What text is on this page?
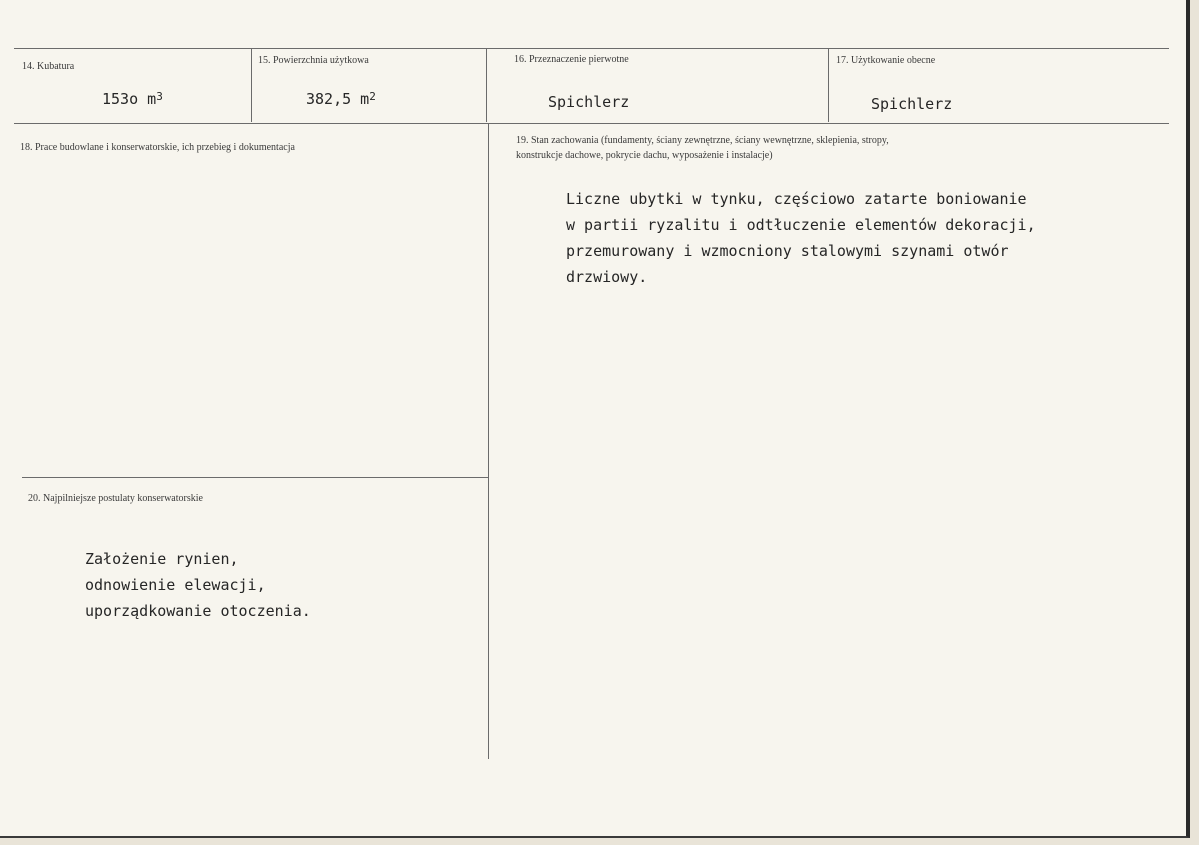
14. Kubatura
153o $m^3$
15. Powierzchnia użytkowa
382,5 $m^2$
16. Przeznaczenie pierwotne
Spichlerz
17. Użytkowanie obecne
Spichlerz
18. Prace budowlane i konserwatorskie, ich przebieg i dokumentacja
19. Stan zachowania (fundamenty, ściany zewnętrzne, ściany wewnętrzne, sklepienia, stropy,
konstrukcje dachowe, pokrycie dachu, wyposażenie i instalacje)
Liczne ubytki w tynku, częściowo zatarte boniowanie
w partii ryzalitu i odtłuczenie elementów dekoracji,
przemurowany i wzmocniony stalowymi szynami otwór
drzwiowy.
20. Najpilniejsze postulaty konserwatorskie
Założenie rynien,
odnowienie elewacji,
uporządkowanie otoczenia.
